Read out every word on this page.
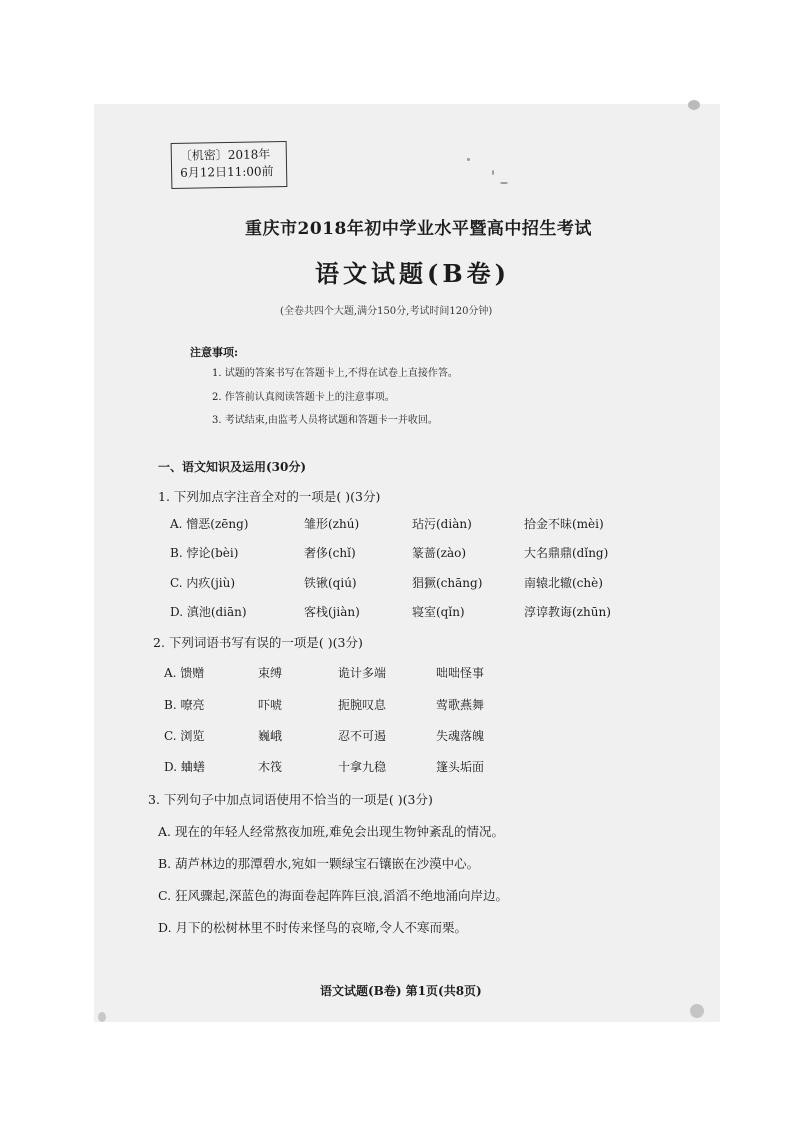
〔机密〕2018年
6月12日11:00前
重庆市2018年初中学业水平暨高中招生考试
语文试题(B卷)
(全卷共四个大题,满分150分,考试时间120分钟)
注意事项:
1. 试题的答案书写在答题卡上,不得在试卷上直接作答。
2. 作答前认真阅读答题卡上的注意事项。
3. 考试结束,由监考人员将试题和答题卡一并收回。
一、语文知识及运用(30分)
1. 下列加点字注音全对的一项是( )(3分)
A. 憎恶(zēng)	雏形(zhú)	玷污(diàn)	拾金不昧(mèi)
B. 悖论(bèi)	奢侈(chǐ)	篆蔷(zào)	大名鼎鼎(dǐng)
C. 内疚(jiù)	铁锹(qiú)	猖獗(chāng)	南辕北辙(chè)
D. 滇池(diān)	客栈(jiàn)	寝室(qǐn)	淳谆教诲(zhūn)
2. 下列词语书写有误的一项是( )(3分)
A. 馈赠	束缚	诡计多端	咄咄怪事
B. 嘹亮	吓唬	扼腕叹息	莺歌燕舞
C. 浏览	巍峨	忍不可遏	失魂落魄
D. 蛐蟮	木筏	十拿九稳	篷头垢面
3. 下列句子中加点词语使用不恰当的一项是( )(3分)
A. 现在的年轻人经常熬夜加班,难免会出现生物钟紊乱的情况。
B. 葫芦林边的那潭碧水,宛如一颗绿宝石镶嵌在沙漠中心。
C. 狂风骤起,深蓝色的海面卷起阵阵巨浪,滔滔不绝地涌向岸边。
D. 月下的松树林里不时传来怪鸟的哀啼,令人不寒而栗。
语文试题(B卷) 第1页(共8页)
